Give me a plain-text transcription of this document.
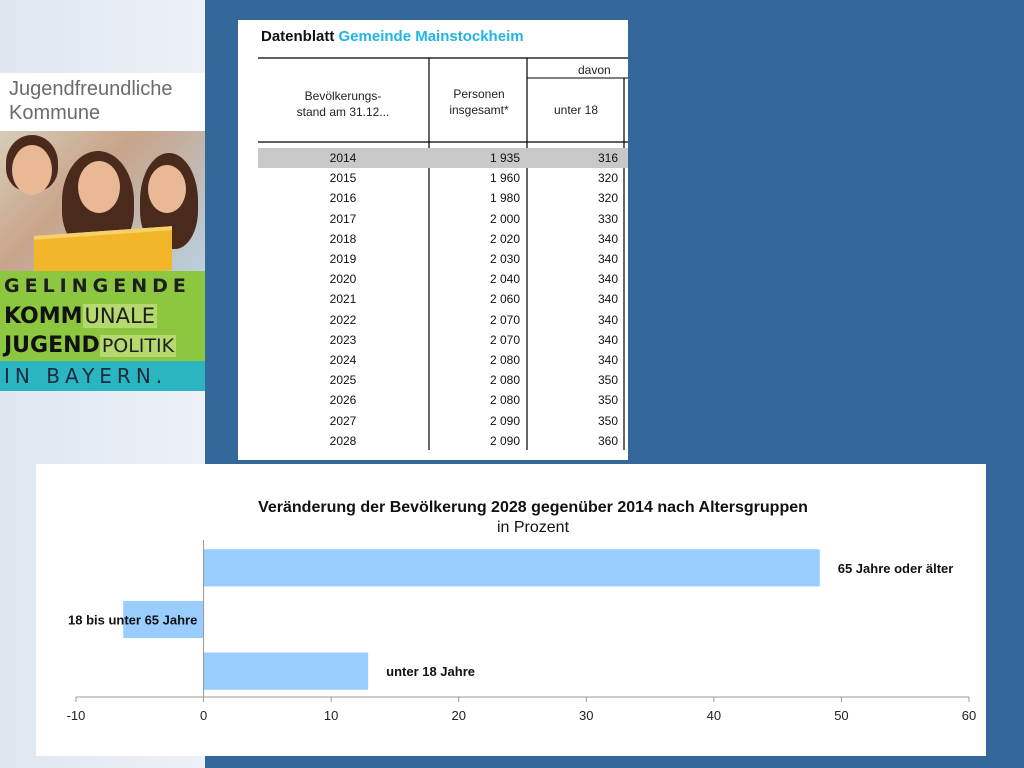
Jugendfreundliche
Kommune
GELINGENDE
KOMMUNALE
JUGEND POLITIK
IN BAYERN.
Datenblatt Gemeinde Mainstockheim
Bevölkerungs-
stand am 31.12...
Personen
insgesamt*
davon
unter 18
2014	1 935	316
2015	1 960	320
2016	1 980	320
2017	2 000	330
2018	2 020	340
2019	2 030	340
2020	2 040	340
2021	2 060	340
2022	2 070	340
2023	2 070	340
2024	2 080	340
2025	2 080	350
2026	2 080	350
2027	2 090	350
2028	2 090	360
Veränderung der Bevölkerung 2028 gegenüber 2014 nach Altersgruppen
in Prozent
65 Jahre oder älter
18 bis unter 65 Jahre
unter 18 Jahre
-10	0	10	20	30	40	50	60
